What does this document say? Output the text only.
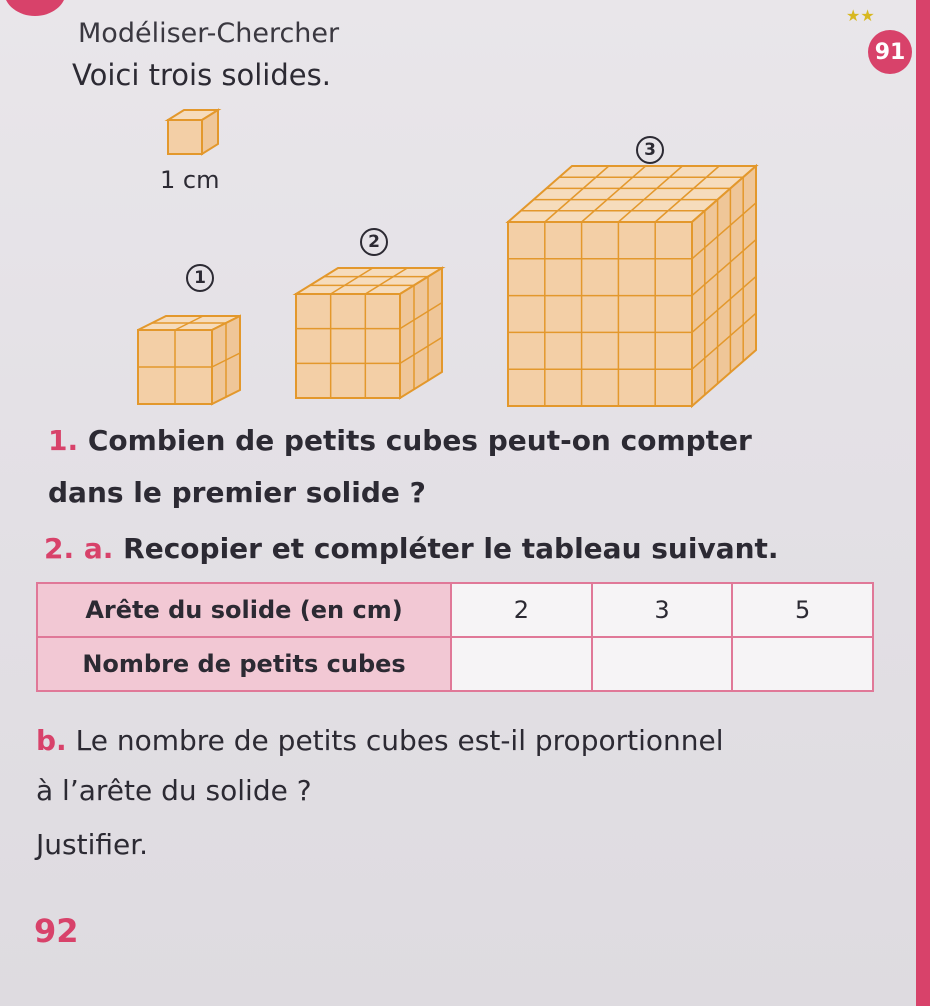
Modéliser-Chercher
Voici trois solides.
★★
91
1 cm
1
2
3
1. Combien de petits cubes peut-on compter
dans le premier solide ?
2. a. Recopier et compléter le tableau suivant.
Arête du solide (en cm)	2	3	5
Nombre de petits cubes			
b. Le nombre de petits cubes est-il proportionnel
à l’arête du solide ?
Justifier.
92
